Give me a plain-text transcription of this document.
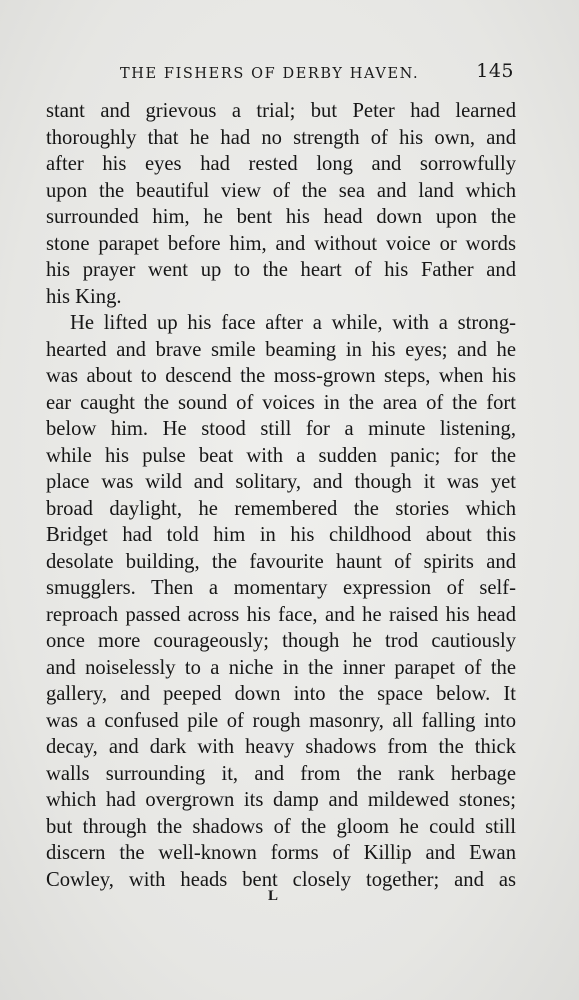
THE FISHERS OF DERBY HAVEN.	145
stant and grievous a trial; but Peter had learned
thoroughly that he had no strength of his own, and
after his eyes had rested long and sorrowfully
upon the beautiful view of the sea and land which
surrounded him, he bent his head down upon the
stone parapet before him, and without voice or words
his prayer went up to the heart of his Father and
his King.
He lifted up his face after a while, with a strong-
hearted and brave smile beaming in his eyes; and he
was about to descend the moss-grown steps, when his
ear caught the sound of voices in the area of the fort
below him. He stood still for a minute listening,
while his pulse beat with a sudden panic; for the
place was wild and solitary, and though it was yet
broad daylight, he remembered the stories which
Bridget had told him in his childhood about this
desolate building, the favourite haunt of spirits and
smugglers. Then a momentary expression of self-
reproach passed across his face, and he raised his head
once more courageously; though he trod cautiously
and noiselessly to a niche in the inner parapet of the
gallery, and peeped down into the space below. It
was a confused pile of rough masonry, all falling into
decay, and dark with heavy shadows from the thick
walls surrounding it, and from the rank herbage
which had overgrown its damp and mildewed stones;
but through the shadows of the gloom he could still
discern the well-known forms of Killip and Ewan
Cowley, with heads bent closely together; and as
L
